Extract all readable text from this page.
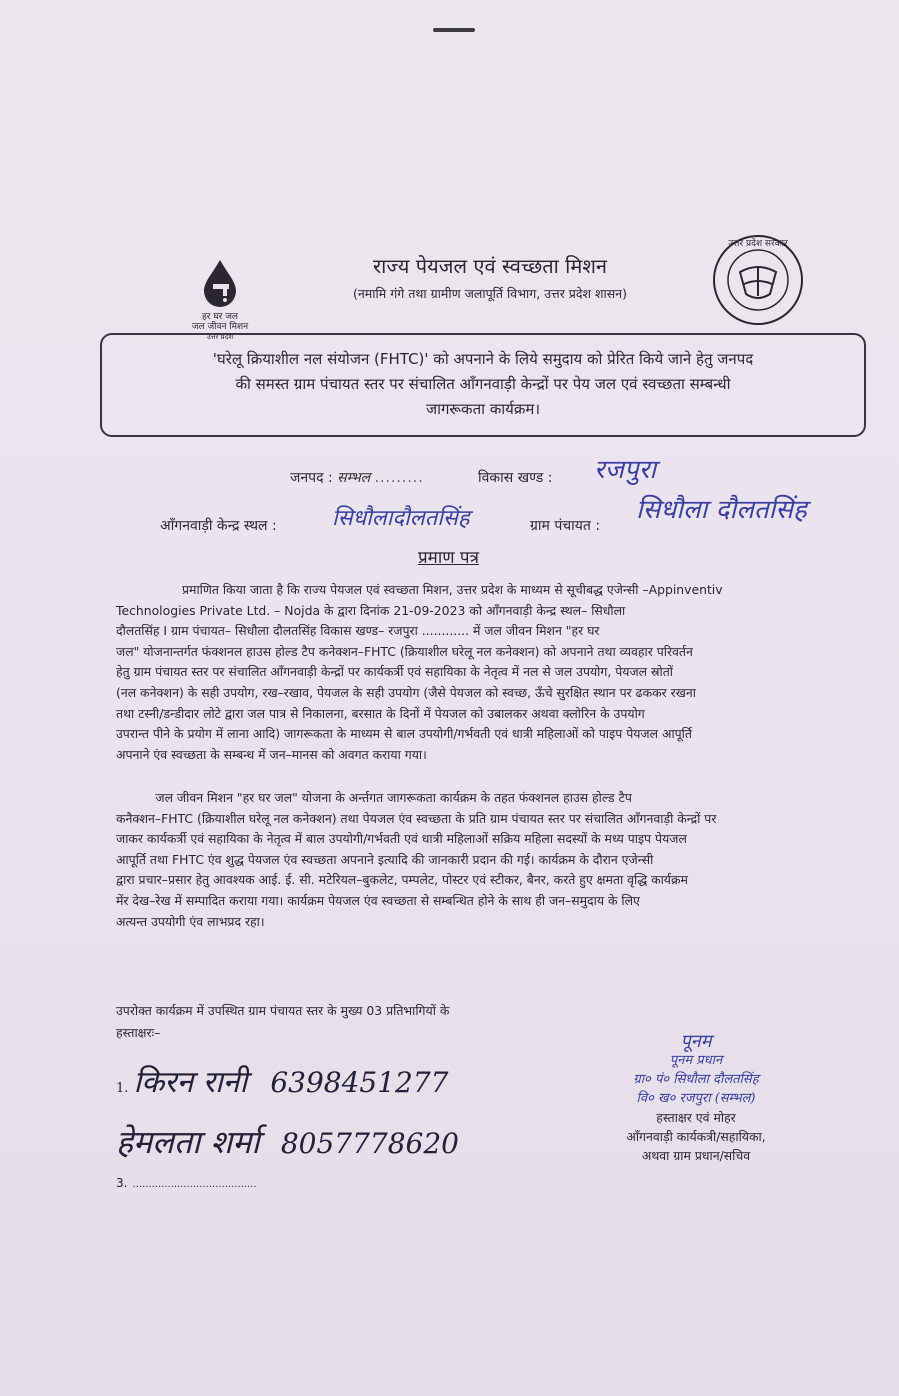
हर घर जल
जल जीवन मिशन
उत्तर प्रदेश
राज्य पेयजल एवं स्वच्छता मिशन
(नमामि गंगे तथा ग्रामीण जलापूर्ति विभाग, उत्तर प्रदेश शासन)
उत्तर प्रदेश सरकार
'घरेलू क्रियाशील नल संयोजन (FHTC)' को अपनाने के लिये समुदाय को प्रेरित किये जाने हेतु जनपद
की समस्त ग्राम पंचायत स्तर पर संचालित आँगनवाड़ी केन्द्रों पर पेय जल एवं स्वच्छता सम्बन्धी
जागरूकता कार्यक्रम।
जनपद : सम्भल .........	विकास खण्ड : रजपुरा
आँगनवाड़ी केन्द्र स्थल :	सिधौलादौलतसिंह	ग्राम पंचायत :
सिधौला दौलतसिंह
प्रमाण पत्र
प्रमाणित किया जाता है कि राज्य पेयजल एवं स्वच्छता मिशन, उत्तर प्रदेश के माध्यम से सूचीबद्ध एजेन्सी –Appinventiv
Technologies Private Ltd. – Nojda के द्वारा दिनांक 21-09-2023 को आँगनवाड़ी केन्द्र स्थल– सिधौला
दौलतसिंह I ग्राम पंचायत– सिधौला दौलतसिंह विकास खण्ड– रजपुरा ............ में जल जीवन मिशन "हर घर
जल" योजनान्तर्गत फंक्शनल हाउस होल्ड टैप कनेक्शन–FHTC (क्रियाशील घरेलू नल कनेक्शन) को अपनाने तथा व्यवहार परिवर्तन
हेतु ग्राम पंचायत स्तर पर संचालित आँगनवाड़ी केन्द्रों पर कार्यकर्त्री एवं सहायिका के नेतृत्व में नल से जल उपयोग, पेयजल स्रोतों
(नल कनेक्शन) के सही उपयोग, रख–रखाव, पेयजल के सही उपयोग (जैसे पेयजल को स्वच्छ, ऊँचे सुरक्षित स्थान पर ढककर रखना
तथा टस्नी/डन्डीदार लोटे द्वारा जल पात्र से निकालना, बरसात के दिनों में पेयजल को उबालकर अथवा क्लोरिन के उपयोग
उपरान्त पीने के प्रयोग में लाना आदि) जागरूकता के माध्यम से बाल उपयोगी/गर्भवती एवं धात्री महिलाओं को पाइप पेयजल आपूर्ति
अपनाने एंव स्वच्छता के सम्बन्ध में जन–मानस को अवगत कराया गया।
जल जीवन मिशन "हर घर जल" योजना के अर्न्तगत जागरूकता कार्यक्रम के तहत फंक्शनल हाउस होल्ड टैप
कनैक्शन–FHTC (क्रियाशील घरेलू नल कनेक्शन) तथा पेयजल एंव स्वच्छता के प्रति ग्राम पंचायत स्तर पर संचालित आँगनवाड़ी केन्द्रों पर
जाकर कार्यकर्त्री एवं सहायिका के नेतृत्व में बाल उपयोगी/गर्भवती एवं धात्री महिलाओं सक्रिय महिला सदस्यों के मध्य पाइप पेयजल
आपूर्ति तथा FHTC एंव शुद्ध पेयजल एंव स्वच्छता अपनाने इत्यादि की जानकारी प्रदान की गई। कार्यक्रम के दौरान एजेन्सी
द्वारा प्रचार–प्रसार हेतु आवश्यक आई. ई. सी. मटेरियल–बुकलेट, पम्पलेट, पोस्टर एवं स्टीकर, बैनर, करते हुए क्षमता वृद्धि कार्यक्रम
मेंर देख–रेख में सम्पादित कराया गया। कार्यक्रम पेयजल एंव स्वच्छता से सम्बन्धित होने के साथ ही जन–समुदाय के लिए
अत्यन्त उपयोगी एंव लाभप्रद रहा।
उपरोक्त कार्यक्रम में उपस्थित ग्राम पंचायत स्तर के मुख्य 03 प्रतिभागियों के
हस्ताक्षरः–
1. किरन रानी 6398451277
हेमलता शर्मा 8057778620
3. .......................................
पूनम
पूनम प्रधान
ग्रा० पं० सिधौला दौलतसिंह
वि० ख० रजपुरा (सम्भल)
हस्ताक्षर एवं मोहर
आँगनवाड़ी कार्यकत्री/सहायिका,
अथवा ग्राम प्रधान/सचिव
